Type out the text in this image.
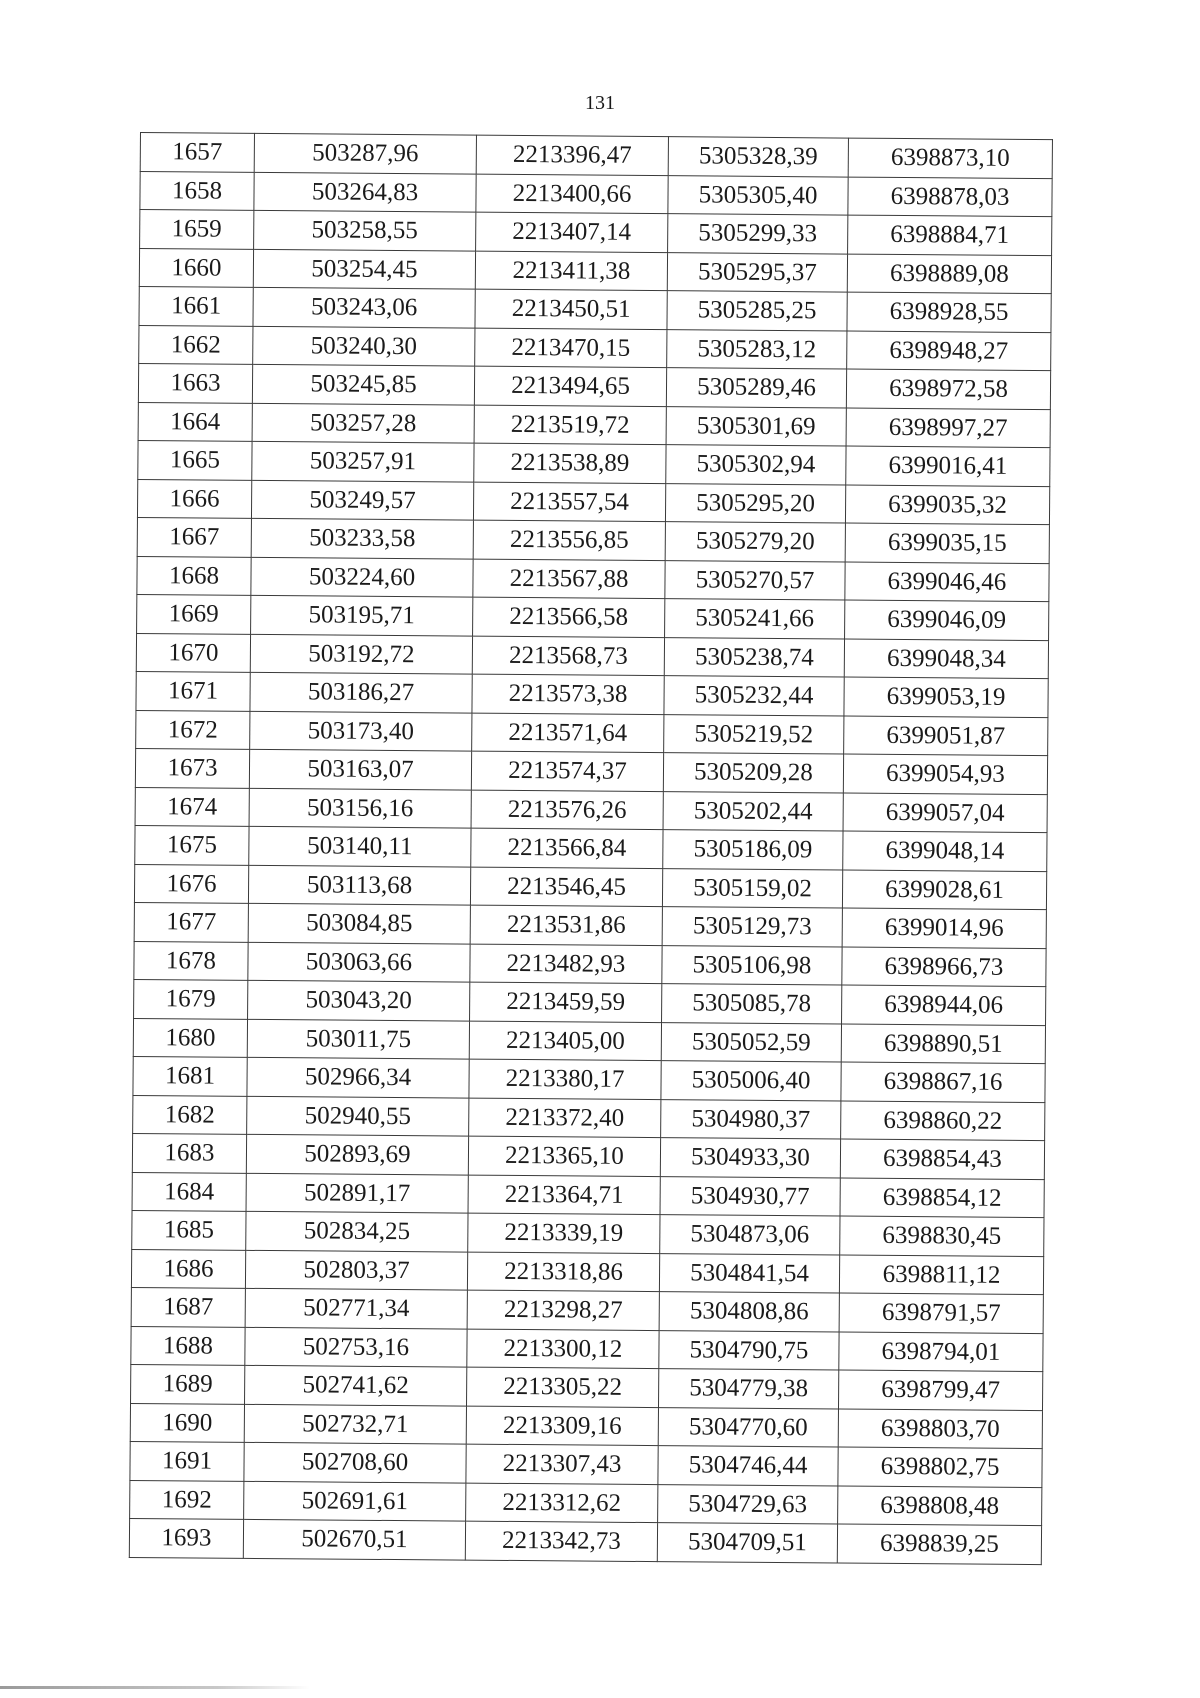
131
1657	503287,96	2213396,47	5305328,39	6398873,10
1658	503264,83	2213400,66	5305305,40	6398878,03
1659	503258,55	2213407,14	5305299,33	6398884,71
1660	503254,45	2213411,38	5305295,37	6398889,08
1661	503243,06	2213450,51	5305285,25	6398928,55
1662	503240,30	2213470,15	5305283,12	6398948,27
1663	503245,85	2213494,65	5305289,46	6398972,58
1664	503257,28	2213519,72	5305301,69	6398997,27
1665	503257,91	2213538,89	5305302,94	6399016,41
1666	503249,57	2213557,54	5305295,20	6399035,32
1667	503233,58	2213556,85	5305279,20	6399035,15
1668	503224,60	2213567,88	5305270,57	6399046,46
1669	503195,71	2213566,58	5305241,66	6399046,09
1670	503192,72	2213568,73	5305238,74	6399048,34
1671	503186,27	2213573,38	5305232,44	6399053,19
1672	503173,40	2213571,64	5305219,52	6399051,87
1673	503163,07	2213574,37	5305209,28	6399054,93
1674	503156,16	2213576,26	5305202,44	6399057,04
1675	503140,11	2213566,84	5305186,09	6399048,14
1676	503113,68	2213546,45	5305159,02	6399028,61
1677	503084,85	2213531,86	5305129,73	6399014,96
1678	503063,66	2213482,93	5305106,98	6398966,73
1679	503043,20	2213459,59	5305085,78	6398944,06
1680	503011,75	2213405,00	5305052,59	6398890,51
1681	502966,34	2213380,17	5305006,40	6398867,16
1682	502940,55	2213372,40	5304980,37	6398860,22
1683	502893,69	2213365,10	5304933,30	6398854,43
1684	502891,17	2213364,71	5304930,77	6398854,12
1685	502834,25	2213339,19	5304873,06	6398830,45
1686	502803,37	2213318,86	5304841,54	6398811,12
1687	502771,34	2213298,27	5304808,86	6398791,57
1688	502753,16	2213300,12	5304790,75	6398794,01
1689	502741,62	2213305,22	5304779,38	6398799,47
1690	502732,71	2213309,16	5304770,60	6398803,70
1691	502708,60	2213307,43	5304746,44	6398802,75
1692	502691,61	2213312,62	5304729,63	6398808,48
1693	502670,51	2213342,73	5304709,51	6398839,25
